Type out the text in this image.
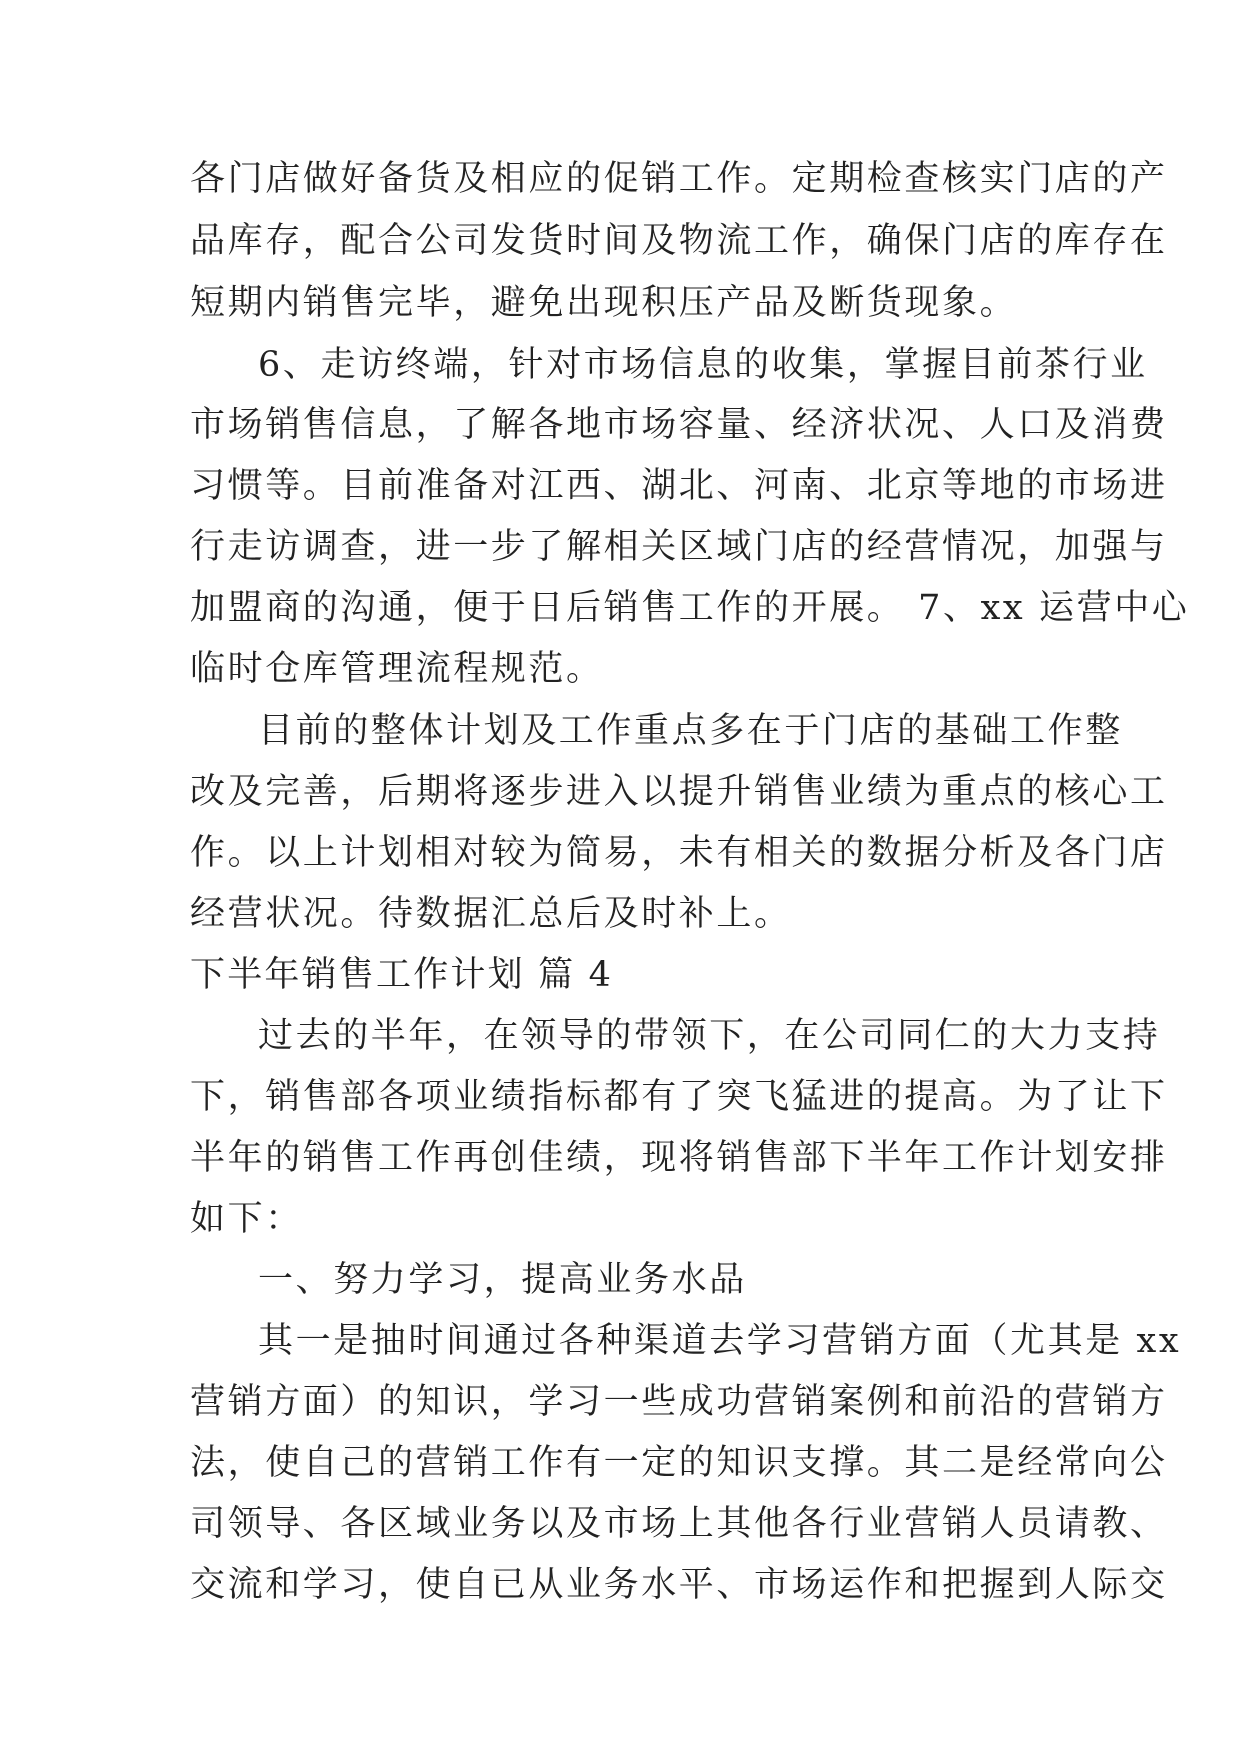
各门店做好备货及相应的促销工作。定期检查核实门店的产
品库存，配合公司发货时间及物流工作，确保门店的库存在
短期内销售完毕，避免出现积压产品及断货现象。
6、走访终端，针对市场信息的收集，掌握目前茶行业
市场销售信息，了解各地市场容量、经济状况、人口及消费
习惯等。目前准备对江西、湖北、河南、北京等地的市场进
行走访调查，进一步了解相关区域门店的经营情况，加强与
加盟商的沟通，便于日后销售工作的开展。 7、xx 运营中心
临时仓库管理流程规范。
目前的整体计划及工作重点多在于门店的基础工作整
改及完善，后期将逐步进入以提升销售业绩为重点的核心工
作。以上计划相对较为简易，未有相关的数据分析及各门店
经营状况。待数据汇总后及时补上。
下半年销售工作计划 篇 4
过去的半年，在领导的带领下，在公司同仁的大力支持
下，销售部各项业绩指标都有了突飞猛进的提高。为了让下
半年的销售工作再创佳绩，现将销售部下半年工作计划安排
如下：
一、努力学习，提高业务水品
其一是抽时间通过各种渠道去学习营销方面（尤其是 xx
营销方面）的知识，学习一些成功营销案例和前沿的营销方
法，使自己的营销工作有一定的知识支撑。其二是经常向公
司领导、各区域业务以及市场上其他各行业营销人员请教、
交流和学习，使自已从业务水平、市场运作和把握到人际交
